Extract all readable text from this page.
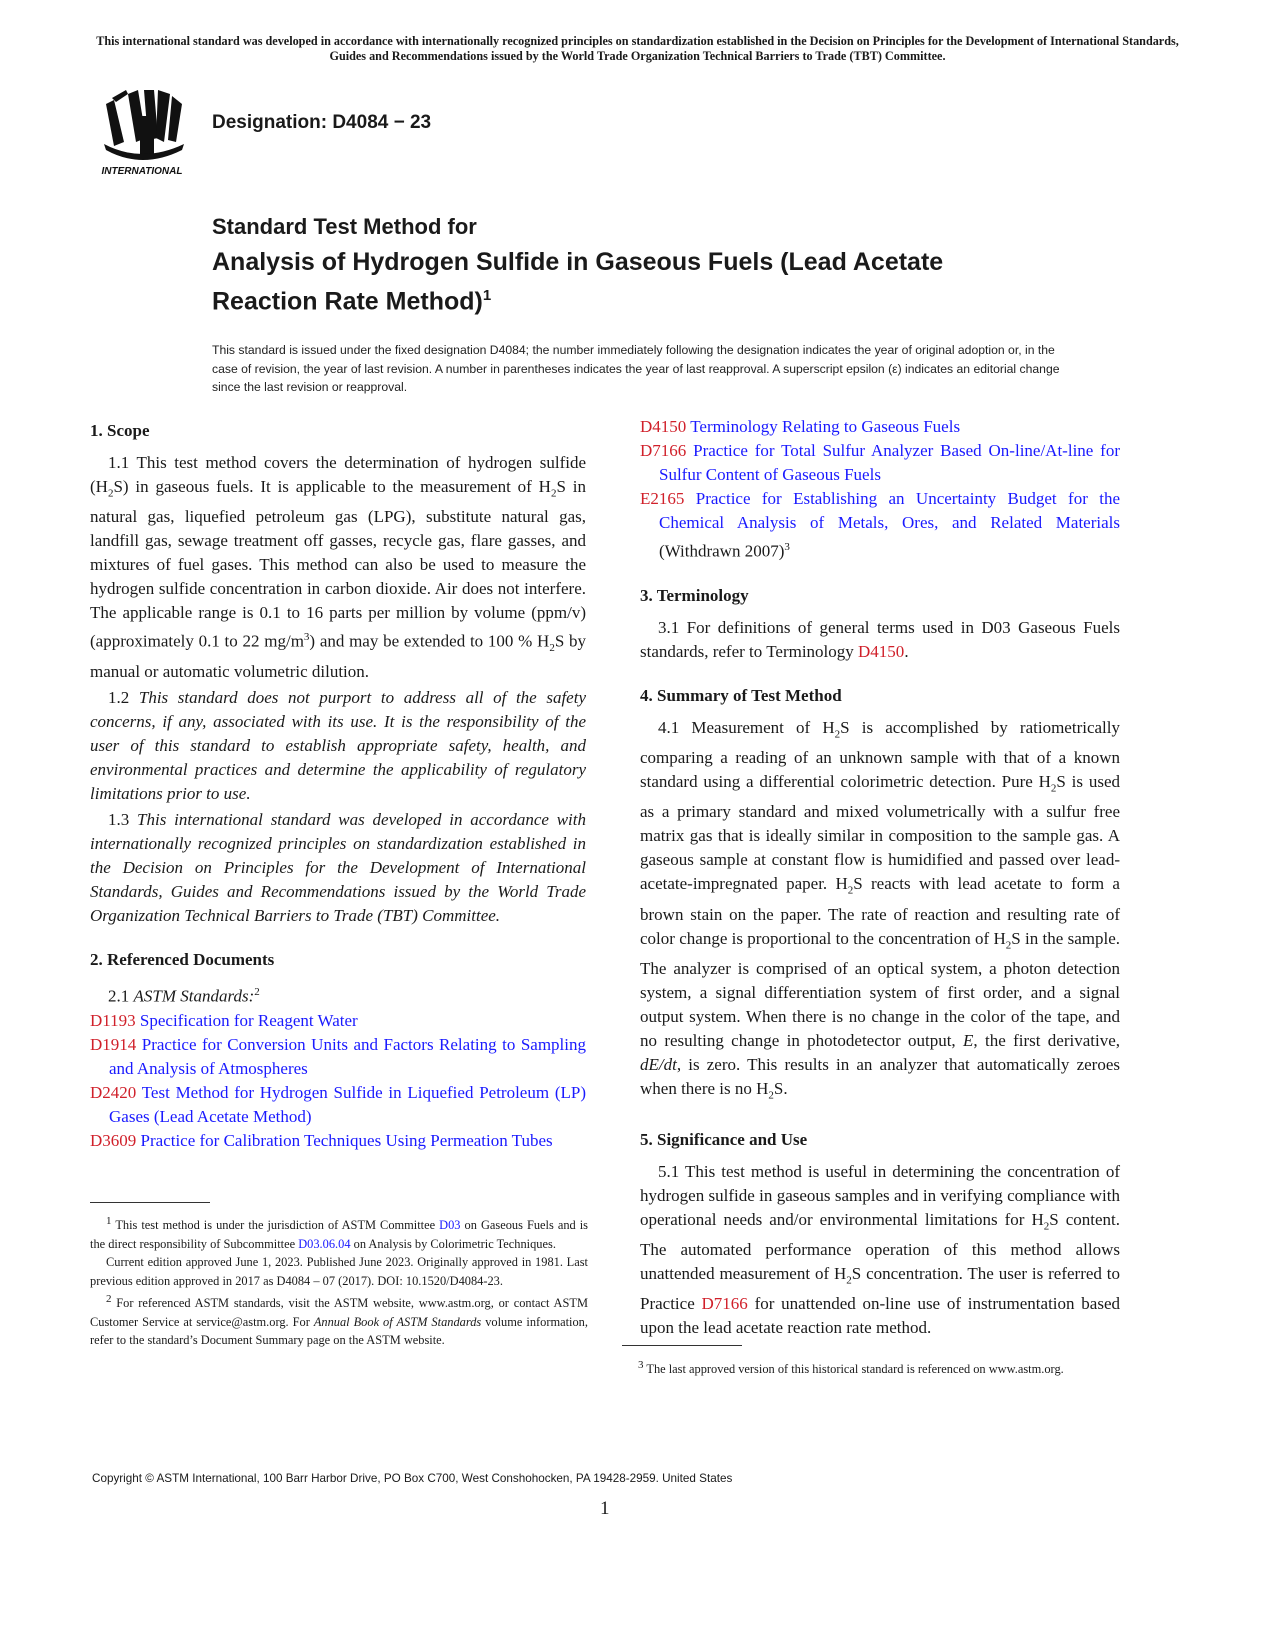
This international standard was developed in accordance with internationally recognized principles on standardization established in the Decision on Principles for the Development of International Standards, Guides and Recommendations issued by the World Trade Organization Technical Barriers to Trade (TBT) Committee.
INTERNATIONAL
Designation: D4084 − 23
Standard Test Method for
Analysis of Hydrogen Sulfide in Gaseous Fuels (Lead Acetate Reaction Rate Method)$^1$
This standard is issued under the fixed designation D4084; the number immediately following the designation indicates the year of original adoption or, in the case of revision, the year of last revision. A number in parentheses indicates the year of last reapproval. A superscript epsilon (ε) indicates an editorial change since the last revision or reapproval.
1. Scope

1.1 This test method covers the determination of hydrogen sulfide $(H_2S)$ in gaseous fuels. It is applicable to the measurement of $H_2S$ in natural gas, liquefied petroleum gas (LPG), substitute natural gas, landfill gas, sewage treatment off gasses, recycle gas, flare gasses, and mixtures of fuel gases. This method can also be used to measure the hydrogen sulfide concentration in carbon dioxide. Air does not interfere. The applicable range is 0.1 to 16 parts per million by volume (ppm/v) (approximately 0.1 to 22 $mg/m^3$) and may be extended to 100 % $H_2S$ by manual or automatic volumetric dilution.

1.2 This standard does not purport to address all of the safety concerns, if any, associated with its use. It is the responsibility of the user of this standard to establish appropriate safety, health, and environmental practices and determine the applicability of regulatory limitations prior to use.

1.3 This international standard was developed in accordance with internationally recognized principles on standardization established in the Decision on Principles for the Development of International Standards, Guides and Recommendations issued by the World Trade Organization Technical Barriers to Trade (TBT) Committee.

2. Referenced Documents

2.1 ASTM Standards:$^2$

D1193 Specification for Reagent Water
D1914 Practice for Conversion Units and Factors Relating to Sampling and Analysis of Atmospheres
D2420 Test Method for Hydrogen Sulfide in Liquefied Petroleum (LP) Gases (Lead Acetate Method)
D3609 Practice for Calibration Techniques Using Permeation Tubes

$^1$ This test method is under the jurisdiction of ASTM Committee D03 on Gaseous Fuels and is the direct responsibility of Subcommittee D03.06.04 on Analysis by Colorimetric Techniques.

Current edition approved June 1, 2023. Published June 2023. Originally approved in 1981. Last previous edition approved in 2017 as D4084 – 07 (2017). DOI: 10.1520/D4084-23.

$^2$ For referenced ASTM standards, visit the ASTM website, www.astm.org, or contact ASTM Customer Service at service@astm.org. For Annual Book of ASTM Standards volume information, refer to the standard’s Document Summary page on the ASTM website.

D4150 Terminology Relating to Gaseous Fuels
D7166 Practice for Total Sulfur Analyzer Based On-line/At-line for Sulfur Content of Gaseous Fuels
E2165 Practice for Establishing an Uncertainty Budget for the Chemical Analysis of Metals, Ores, and Related Materials (Withdrawn 2007)$^3$
3. Terminology

3.1 For definitions of general terms used in D03 Gaseous Fuels standards, refer to Terminology D4150.

4. Summary of Test Method

4.1 Measurement of $H_2S$ is accomplished by ratiometrically comparing a reading of an unknown sample with that of a known standard using a differential colorimetric detection. Pure $H_2S$ is used as a primary standard and mixed volumetrically with a sulfur free matrix gas that is ideally similar in composition to the sample gas. A gaseous sample at constant flow is humidified and passed over lead-acetate-impregnated paper. $H_2S$ reacts with lead acetate to form a brown stain on the paper. The rate of reaction and resulting rate of color change is proportional to the concentration of $H_2S$ in the sample. The analyzer is comprised of an optical system, a photon detection system, a signal differentiation system of first order, and a signal output system. When there is no change in the color of the tape, and no resulting change in photodetector output, E, the first derivative, dE/dt, is zero. This results in an analyzer that automatically zeroes when there is no $H_2S$.

5. Significance and Use

5.1 This test method is useful in determining the concentration of hydrogen sulfide in gaseous samples and in verifying compliance with operational needs and/or environmental limitations for $H_2S$ content. The automated performance operation of this method allows unattended measurement of $H_2S$ concentration. The user is referred to Practice D7166 for unattended on-line use of instrumentation based upon the lead acetate reaction rate method.

$^3$ The last approved version of this historical standard is referenced on www.astm.org.

Copyright © ASTM International, 100 Barr Harbor Drive, PO Box C700, West Conshohocken, PA 19428-2959. United States
1
